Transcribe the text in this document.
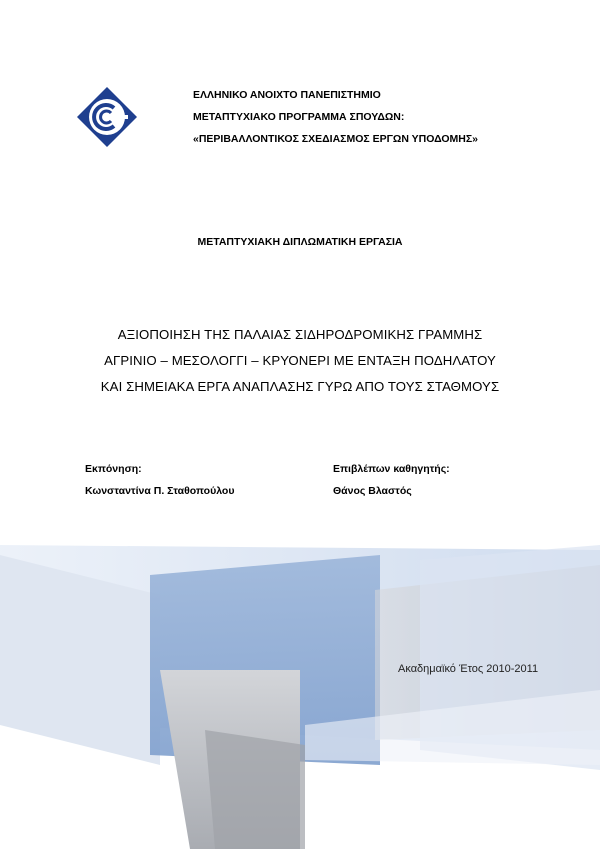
ΕΛΛΗΝΙΚΟ ΑΝΟΙΧΤΟ ΠΑΝΕΠΙΣΤΗΜΙΟ
ΜΕΤΑΠΤΥΧΙΑΚΟ ΠΡΟΓΡΑΜΜΑ ΣΠΟΥΔΩΝ:
«ΠΕΡΙΒΑΛΛΟΝΤΙΚΟΣ ΣΧΕΔΙΑΣΜΟΣ ΕΡΓΩΝ ΥΠΟΔΟΜΗΣ»
ΜΕΤΑΠΤΥΧΙΑΚΗ ΔΙΠΛΩΜΑΤΙΚΗ ΕΡΓΑΣΙΑ
ΑΞΙΟΠΟΙΗΣΗ ΤΗΣ ΠΑΛΑΙΑΣ ΣΙΔΗΡΟΔΡΟΜΙΚΗΣ ΓΡΑΜΜΗΣ
ΑΓΡΙΝΙΟ – ΜΕΣΟΛΟΓΓΙ – ΚΡΥΟΝΕΡΙ ΜΕ ΕΝΤΑΞΗ ΠΟΔΗΛΑΤΟΥ
ΚΑΙ ΣΗΜΕΙΑΚΑ ΕΡΓΑ ΑΝΑΠΛΑΣΗΣ ΓΥΡΩ ΑΠΟ ΤΟΥΣ ΣΤΑΘΜΟΥΣ
Εκπόνηση:
Κωνσταντίνα Π. Σταθοπούλου
Επιβλέπων καθηγητής:
Θάνος Βλαστός
Ακαδημαϊκό Έτος 2010-2011
